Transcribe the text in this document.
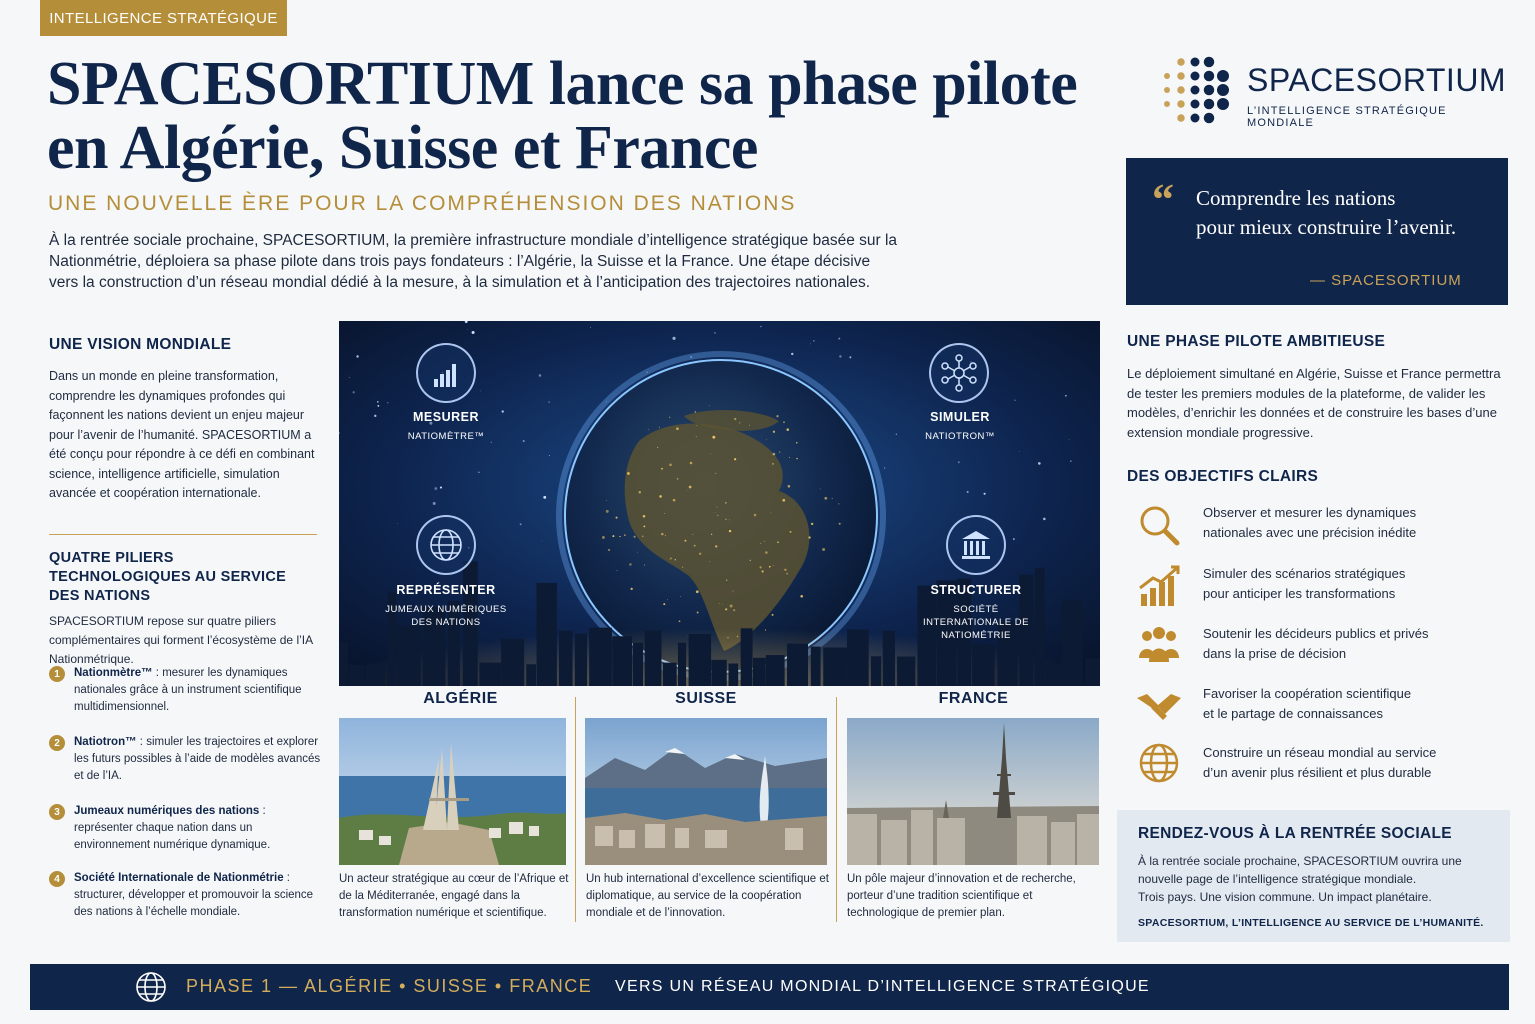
INTELLIGENCE STRATÉGIQUE
SPACESORTIUM lance sa phase pilote
en Algérie, Suisse et France
UNE NOUVELLE ÈRE POUR LA COMPRÉHENSION DES NATIONS
À la rentrée sociale prochaine, SPACESORTIUM, la première infrastructure mondiale d’intelligence stratégique basée sur la Nationmétrie, déploiera sa phase pilote dans trois pays fondateurs : l’Algérie, la Suisse et la France. Une étape décisive vers la construction d’un réseau mondial dédié à la mesure, à la simulation et à l’anticipation des trajectoires nationales.
SPACESORTIUM
L’INTELLIGENCE STRATÉGIQUE MONDIALE
“ Comprendre les nations
pour mieux construire l’avenir.
— SPACESORTIUM
UNE VISION MONDIALE
Dans un monde en pleine transformation, comprendre les dynamiques profondes qui façonnent les nations devient un enjeu majeur pour l’avenir de l’humanité. SPACESORTIUM a été conçu pour répondre à ce défi en combinant science, intelligence artificielle, simulation avancée et coopération internationale.
QUATRE PILIERS TECHNOLOGIQUES AU SERVICE DES NATIONS
SPACESORTIUM repose sur quatre piliers complémentaires qui forment l’écosystème de l’IA Nationmétrique.
1	Nationmètre™ : mesurer les dynamiques nationales grâce à un instrument scientifique multidimensionnel.
2	Natiotron™ : simuler les trajectoires et explorer les futurs possibles à l’aide de modèles avancés et de l’IA.
3	Jumeaux numériques des nations : représenter chaque nation dans un environnement numérique dynamique.
4	Société Internationale de Nationmétrie : structurer, développer et promouvoir la science des nations à l’échelle mondiale.
MESURER
NATIOMÈTRE™
SIMULER
NATIOTRON™
REPRÉSENTER
JUMEAUX NUMÉRIQUES DES NATIONS
STRUCTURER
SOCIÉTÉ INTERNATIONALE DE NATIOMÉTRIE
ALGÉRIE	SUISSE	FRANCE
Un acteur stratégique au cœur de l’Afrique et de la Méditerranée, engagé dans la transformation numérique et scientifique.
Un hub international d’excellence scientifique et diplomatique, au service de la coopération mondiale et de l’innovation.
Un pôle majeur d’innovation et de recherche, porteur d’une tradition scientifique et technologique de premier plan.
UNE PHASE PILOTE AMBITIEUSE
Le déploiement simultané en Algérie, Suisse et France permettra de tester les premiers modules de la plateforme, de valider les modèles, d’enrichir les données et de construire les bases d’une extension mondiale progressive.
DES OBJECTIFS CLAIRS
Observer et mesurer les dynamiques
nationales avec une précision inédite
Simuler des scénarios stratégiques
pour anticiper les transformations
Soutenir les décideurs publics et privés
dans la prise de décision
Favoriser la coopération scientifique
et le partage de connaissances
Construire un réseau mondial au service
d’un avenir plus résilient et plus durable
RENDEZ-VOUS À LA RENTRÉE SOCIALE
À la rentrée sociale prochaine, SPACESORTIUM ouvrira une
nouvelle page de l’intelligence stratégique mondiale.
Trois pays. Une vision commune. Un impact planétaire.
SPACESORTIUM, L’INTELLIGENCE AU SERVICE DE L’HUMANITÉ.
PHASE 1 — ALGÉRIE • SUISSE • FRANCE VERS UN RÉSEAU MONDIAL D’INTELLIGENCE STRATÉGIQUE
